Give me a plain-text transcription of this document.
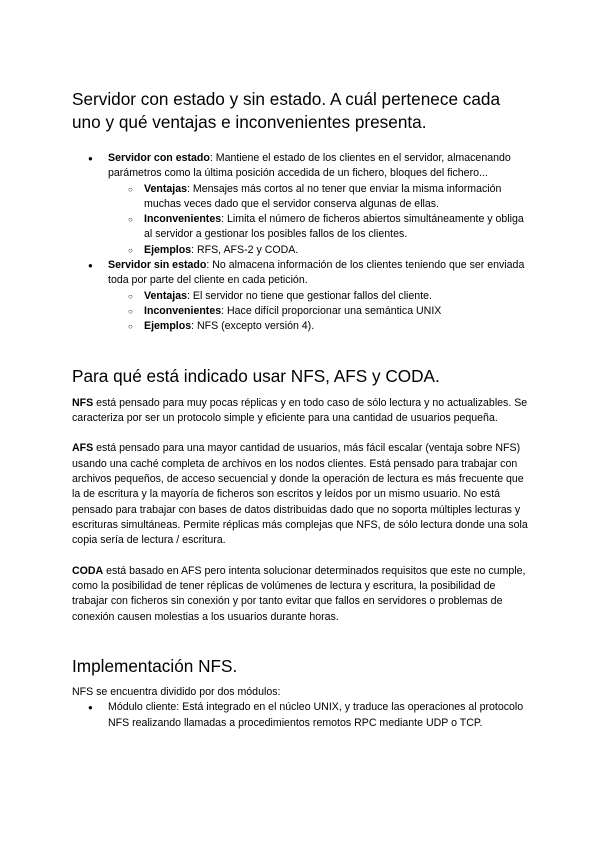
Servidor con estado y sin estado. A cuál pertenece cada uno y qué ventajas e inconvenientes presenta.
● Servidor con estado: Mantiene el estado de los clientes en el servidor, almacenando parámetros como la última posición accedida de un fichero, bloques del fichero...
○ Ventajas: Mensajes más cortos al no tener que enviar la misma información muchas veces dado que el servidor conserva algunas de ellas.
○ Inconvenientes: Limita el número de ficheros abiertos simultáneamente y obliga al servidor a gestionar los posibles fallos de los clientes.
○ Ejemplos: RFS, AFS-2 y CODA.
● Servidor sin estado: No almacena información de los clientes teniendo que ser enviada toda por parte del cliente en cada petición.
○ Ventajas: El servidor no tiene que gestionar fallos del cliente.
○ Inconvenientes: Hace difícil proporcionar una semántica UNIX
○ Ejemplos: NFS (excepto versión 4).
Para qué está indicado usar NFS, AFS y CODA.

NFS está pensado para muy pocas réplicas y en todo caso de sólo lectura y no actualizables. Se caracteriza por ser un protocolo simple y eficiente para una cantidad de usuarios pequeña.

AFS está pensado para una mayor cantidad de usuarios, más fácil escalar (ventaja sobre NFS) usando una caché completa de archivos en los nodos clientes. Está pensado para trabajar con archivos pequeños, de acceso secuencial y donde la operación de lectura es más frecuente que la de escritura y la mayoría de ficheros son escritos y leídos por un mismo usuario. No está pensado para trabajar con bases de datos distribuidas dado que no soporta múltiples lecturas y escrituras simultáneas. Permite réplicas más complejas que NFS, de sólo lectura donde una sola copia sería de lectura / escritura.

CODA está basado en AFS pero intenta solucionar determinados requisitos que este no cumple, como la posibilidad de tener réplicas de volúmenes de lectura y escritura, la posibilidad de trabajar con ficheros sin conexión y por tanto evitar que fallos en servidores o problemas de conexión causen molestias a los usuarios durante horas.

Implementación NFS.

NFS se encuentra dividido por dos módulos:

● Módulo cliente: Está integrado en el núcleo UNIX, y traduce las operaciones al protocolo NFS realizando llamadas a procedimientos remotos RPC mediante UDP o TCP.
